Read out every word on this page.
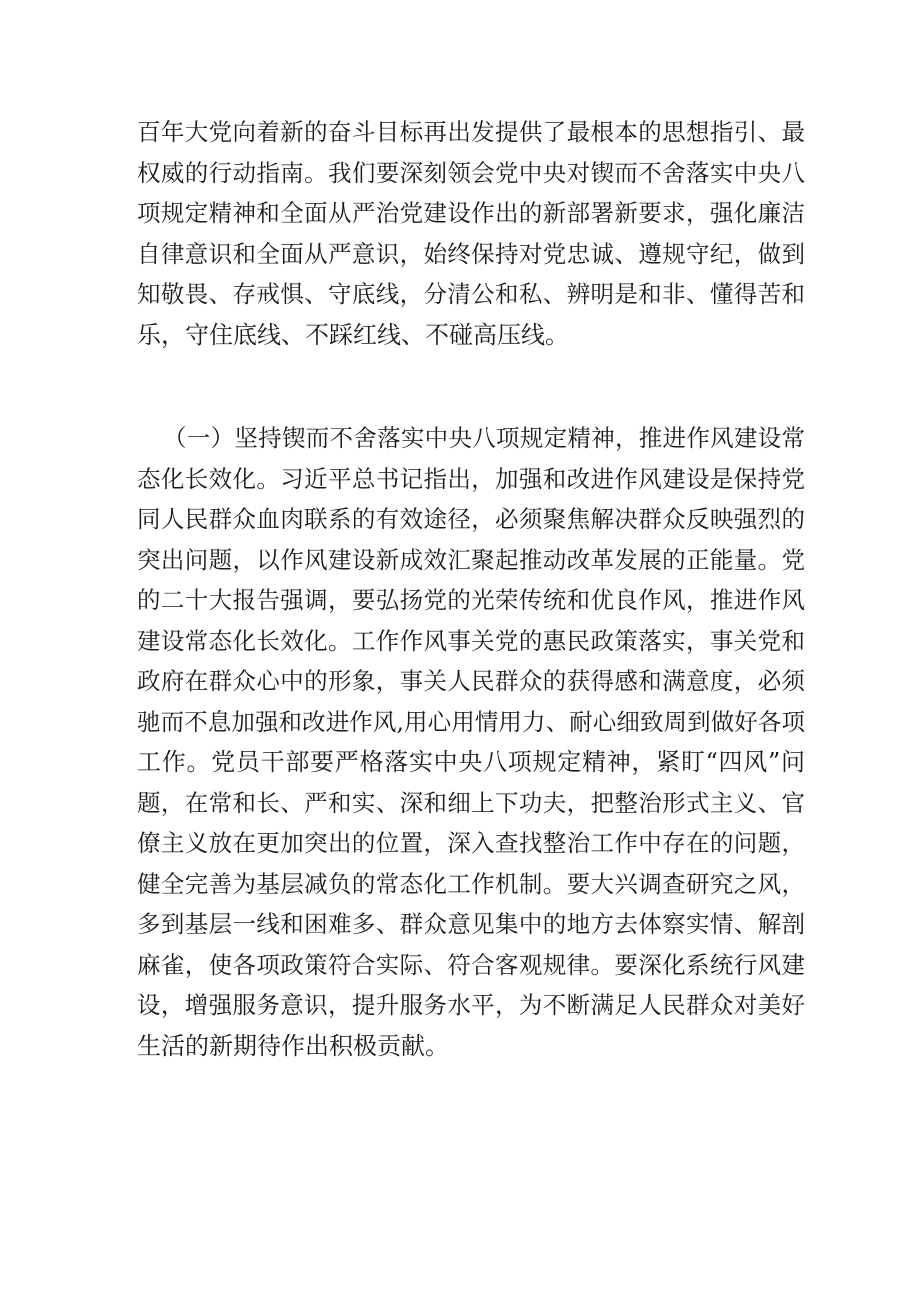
百年大党向着新的奋斗目标再出发提供了最根本的思想指引、最
权威的行动指南。我们要深刻领会党中央对锲而不舍落实中央八
项规定精神和全面从严治党建设作出的新部署新要求，强化廉洁
自律意识和全面从严意识，始终保持对党忠诚、遵规守纪，做到
知敬畏、存戒惧、守底线，分清公和私、辨明是和非、懂得苦和
乐，守住底线、不踩红线、不碰高压线。
（一）坚持锲而不舍落实中央八项规定精神，推进作风建设常
态化长效化。习近平总书记指出，加强和改进作风建设是保持党
同人民群众血肉联系的有效途径，必须聚焦解决群众反映强烈的
突出问题，以作风建设新成效汇聚起推动改革发展的正能量。党
的二十大报告强调，要弘扬党的光荣传统和优良作风，推进作风
建设常态化长效化。工作作风事关党的惠民政策落实，事关党和
政府在群众心中的形象，事关人民群众的获得感和满意度，必须
驰而不息加强和改进作风,用心用情用力、耐心细致周到做好各项
工作。党员干部要严格落实中央八项规定精神，紧盯“四风”问
题，在常和长、严和实、深和细上下功夫，把整治形式主义、官
僚主义放在更加突出的位置，深入查找整治工作中存在的问题，
健全完善为基层减负的常态化工作机制。要大兴调查研究之风，
多到基层一线和困难多、群众意见集中的地方去体察实情、解剖
麻雀，使各项政策符合实际、符合客观规律。要深化系统行风建
设，增强服务意识，提升服务水平，为不断满足人民群众对美好
生活的新期待作出积极贡献。
